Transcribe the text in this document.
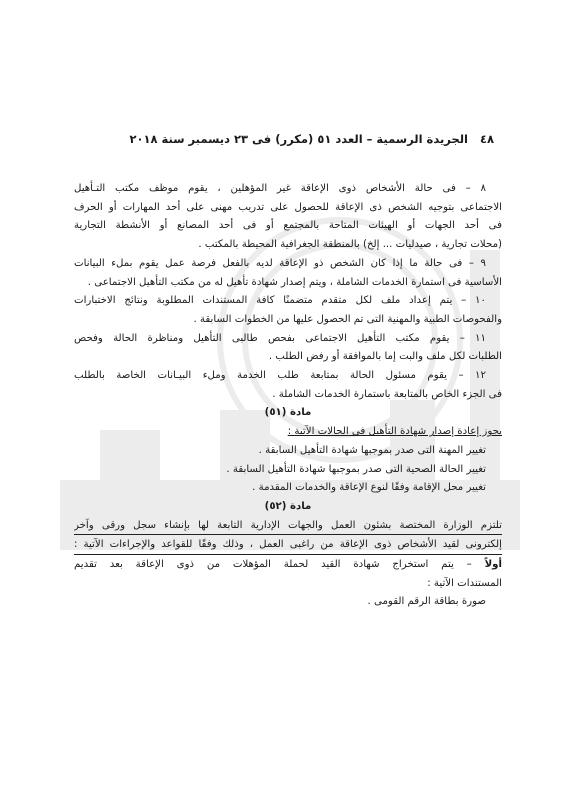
الجريدة الرسمية – العدد ٥١ (مكرر) فى ٢٣ ديسمبر سنة ٢٠١٨ ٤٨
٨ – فى حالة الأشخاص ذوى الإعاقة غير المؤهلين ، يقوم موظف مكتب التـأهيل
الاجتماعى بتوجيه الشخص ذى الإعاقة للحصول على تدريب مهنى على أحد المهارات أو الحرف
فى أحد الجهات أو الهيئات المتاحة بالمجتمع أو فى أحد المصانع أو الأنشطة التجارية
(محلات تجارية ، صيدليات ... إلخ) بالمنطقة الجغرافية المحيطة بالمكتب .
٩ – فى حالة ما إذا كان الشخص ذو الإعاقة لديه بالفعل فرصة عمل يقوم بملء البيانات
الأساسية فى استمارة الخدمات الشاملة ، ويتم إصدار شهادة تأهيل له من مكتب التأهيل الاجتماعى .
١٠ – يتم إعداد ملف لكل متقدم متضمنًا كافة المستندات المطلوبة ونتائج الاختبارات
والفحوصات الطبية والمهنية التى تم الحصول عليها من الخطوات السابقة .
١١ – يقوم مكتب التأهيل الاجتماعى بفحص طالبى التأهيل ومناظرة الحالة وفحص
الطلبات لكل ملف والبت إما بالموافقة أو رفض الطلب .
١٢ – يقوم مسئول الحالة بمتابعة طلب الخدمة وملء البيـانات الخاصة بالطلب
فى الجزء الخاص بالمتابعة باستمارة الخدمات الشاملة .
مادة (٥١)
يجوز إعادة إصدار شهادة التأهيل فى الحالات الآتية :
تغيير المهنة التى صدر بموجبها شهادة التأهيل السابقة .
تغيير الحالة الصحية التى صدر بموجبها شهادة التأهيل السابقة .
تغيير محل الإقامة وفقًا لنوع الإعاقة والخدمات المقدمة .
مادة (٥٢)
تلتزم الوزارة المختصة بشئون العمل والجهات الإدارية التابعة لها بإنشاء سجل ورقى وآخر
إلكترونى لقيد الأشخاص ذوى الإعاقة من راغبى العمل ، وذلك وفقًا للقواعد والإجراءات الآتية :
أولاً – يتم استخراج شهادة القيد لحملة المؤهلات من ذوى الإعاقة بعد تقديم
المستندات الآتية :
صورة بطاقة الرقم القومى .
